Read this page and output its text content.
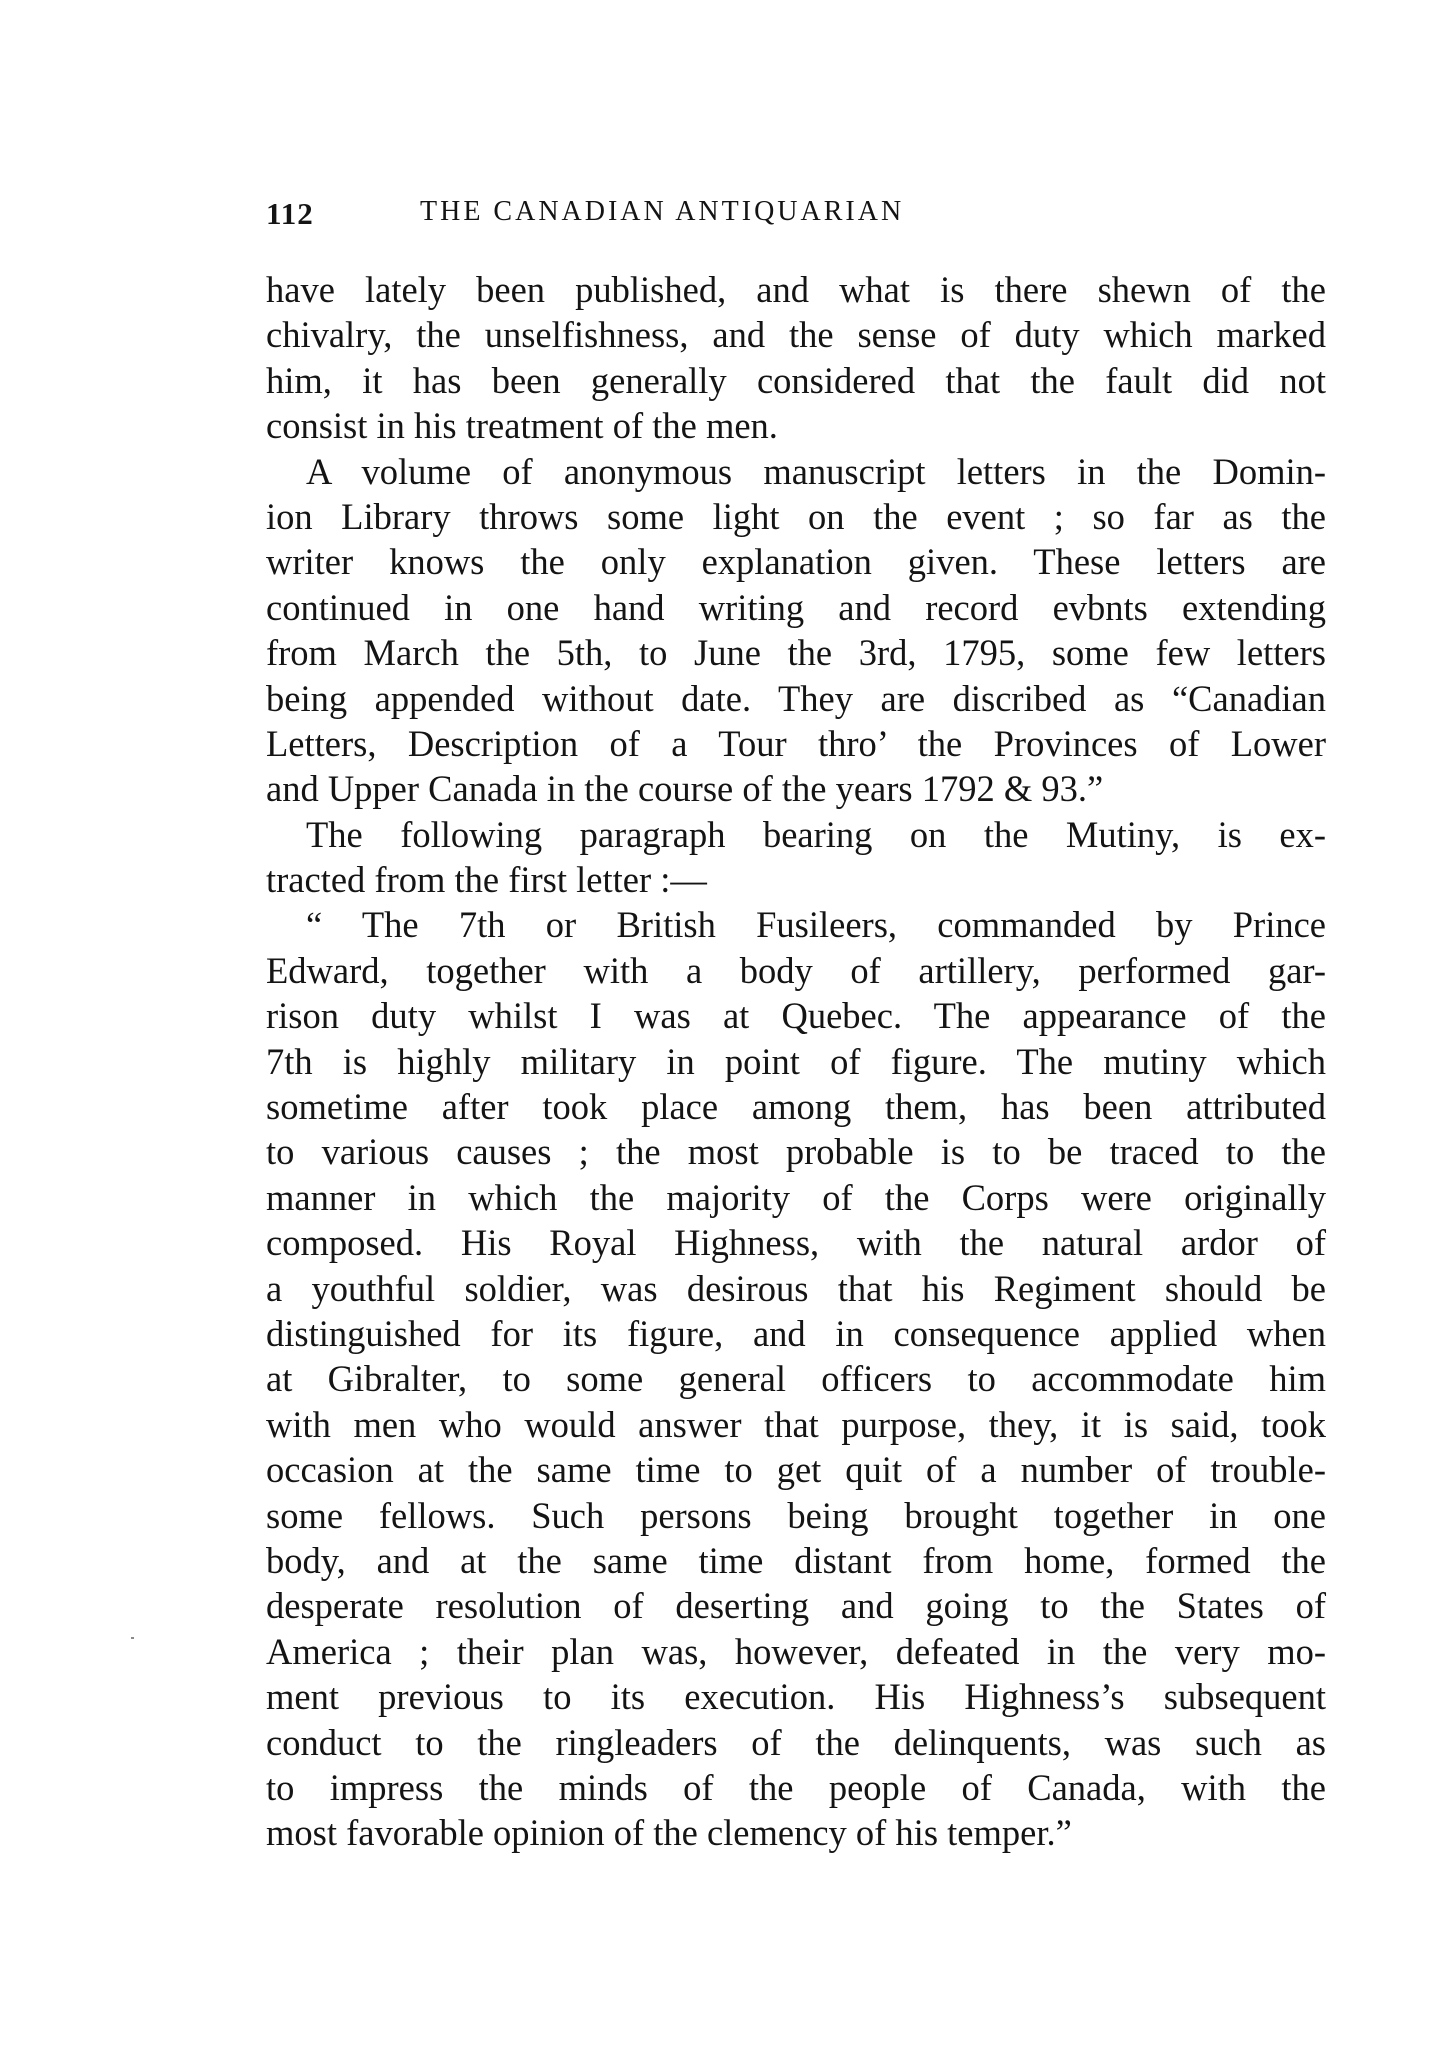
112	THE CANADIAN ANTIQUARIAN
have lately been published, and what is there shewn of the
chivalry, the unselfishness, and the sense of duty which marked
him, it has been generally considered that the fault did not
consist in his treatment of the men.
A volume of anonymous manuscript letters in the Domin-
ion Library throws some light on the event ; so far as the
writer knows the only explanation given. These letters are
continued in one hand writing and record evbnts extending
from March the 5th, to June the 3rd, 1795, some few letters
being appended without date. They are discribed as “Canadian
Letters, Description of a Tour thro’ the Provinces of Lower
and Upper Canada in the course of the years 1792 & 93.”
The following paragraph bearing on the Mutiny, is ex-
tracted from the first letter :—
“ The 7th or British Fusileers, commanded by Prince
Edward, together with a body of artillery, performed gar-
rison duty whilst I was at Quebec. The appearance of the
7th is highly military in point of figure. The mutiny which
sometime after took place among them, has been attributed
to various causes ; the most probable is to be traced to the
manner in which the majority of the Corps were originally
composed. His Royal Highness, with the natural ardor of
a youthful soldier, was desirous that his Regiment should be
distinguished for its figure, and in consequence applied when
at Gibralter, to some general officers to accommodate him
with men who would answer that purpose, they, it is said, took
occasion at the same time to get quit of a number of trouble-
some fellows. Such persons being brought together in one
body, and at the same time distant from home, formed the
desperate resolution of deserting and going to the States of
America ; their plan was, however, defeated in the very mo-
ment previous to its execution. His Highness’s subsequent
conduct to the ringleaders of the delinquents, was such as
to impress the minds of the people of Canada, with the
most favorable opinion of the clemency of his temper.”
